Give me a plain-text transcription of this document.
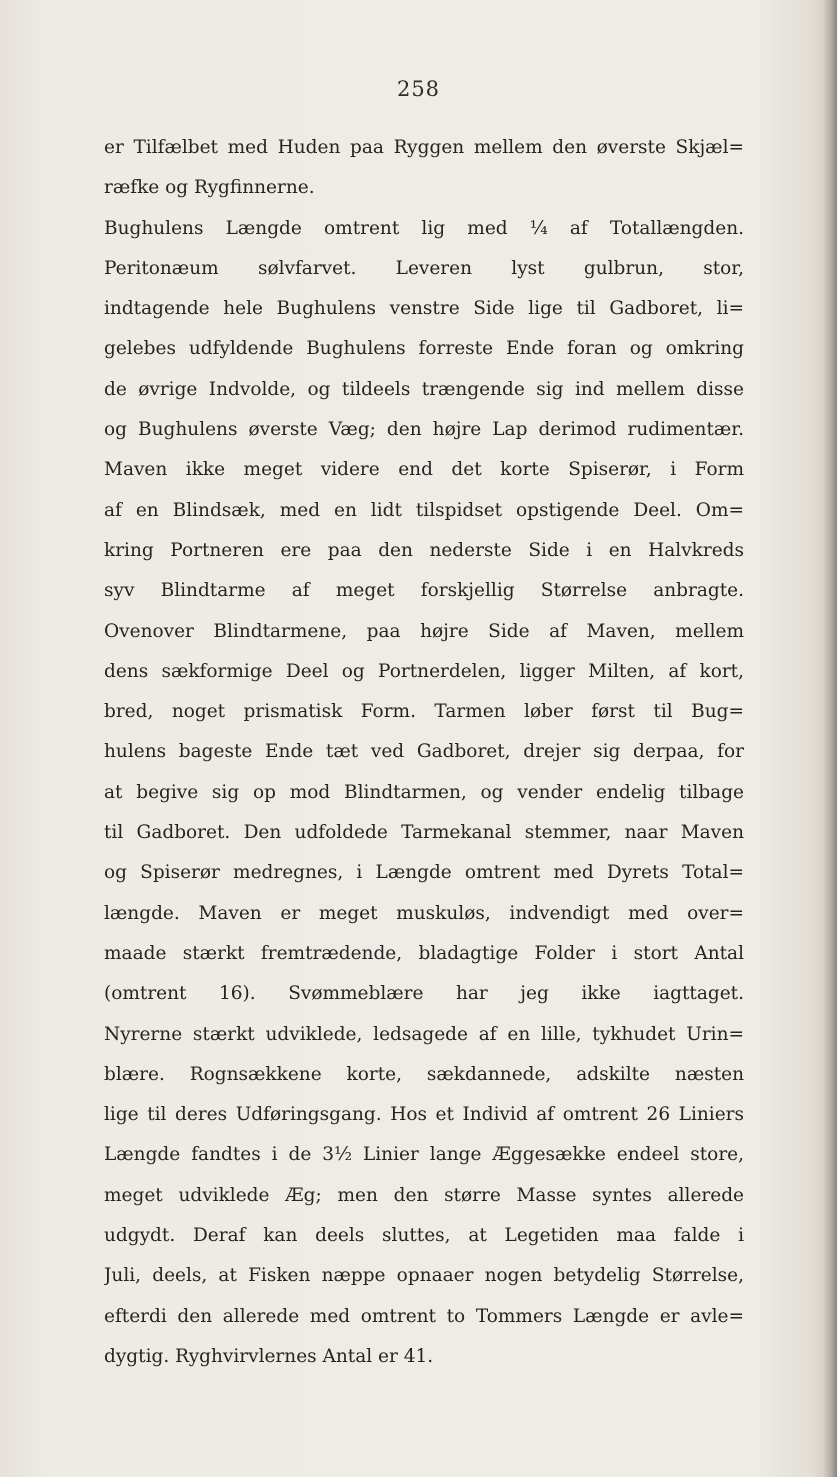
258
er Tilfælbet med Huden paa Ryggen mellem den øverste Skjæl=
ræfke og Rygfinnerne.
Bughulens Længde omtrent lig med ¼ af Totallængden.
Peritonæum sølvfarvet. Leveren lyst gulbrun, stor,
indtagende hele Bughulens venstre Side lige til Gadboret, li=
gelebes udfyldende Bughulens forreste Ende foran og omkring
de øvrige Indvolde, og tildeels trængende sig ind mellem disse
og Bughulens øverste Væg; den højre Lap derimod rudimentær.
Maven ikke meget videre end det korte Spiserør, i Form
af en Blindsæk, med en lidt tilspidset opstigende Deel. Om=
kring Portneren ere paa den nederste Side i en Halvkreds
syv Blindtarme af meget forskjellig Størrelse anbragte.
Ovenover Blindtarmene, paa højre Side af Maven, mellem
dens sækformige Deel og Portnerdelen, ligger Milten, af kort,
bred, noget prismatisk Form. Tarmen løber først til Bug=
hulens bageste Ende tæt ved Gadboret, drejer sig derpaa, for
at begive sig op mod Blindtarmen, og vender endelig tilbage
til Gadboret. Den udfoldede Tarmekanal stemmer, naar Maven
og Spiserør medregnes, i Længde omtrent med Dyrets Total=
længde. Maven er meget muskuløs, indvendigt med over=
maade stærkt fremtrædende, bladagtige Folder i stort Antal
(omtrent 16). Svømmeblære har jeg ikke iagttaget.
Nyrerne stærkt udviklede, ledsagede af en lille, tykhudet Urin=
blære. Rognsækkene korte, sækdannede, adskilte næsten
lige til deres Udføringsgang. Hos et Individ af omtrent 26 Liniers
Længde fandtes i de 3½ Linier lange Æggesække endeel store,
meget udviklede Æg; men den større Masse syntes allerede
udgydt. Deraf kan deels sluttes, at Legetiden maa falde i
Juli, deels, at Fisken næppe opnaaer nogen betydelig Størrelse,
efterdi den allerede med omtrent to Tommers Længde er avle=
dygtig. Ryghvirvlernes Antal er 41.
